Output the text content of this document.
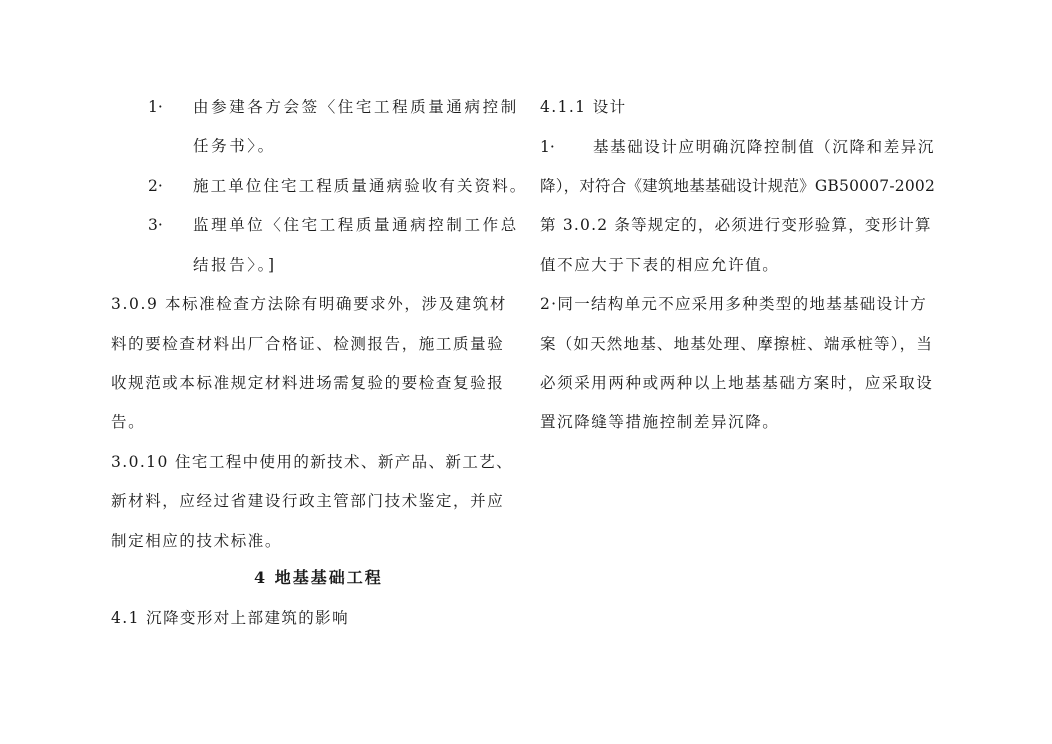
1· 由参建各方会签〈住宅工程质量通病控制
任务书〉。
2· 施工单位住宅工程质量通病验收有关资料。
3· 监理单位〈住宅工程质量通病控制工作总
结报告〉。]
3.0.9 本标准检查方法除有明确要求外，涉及建筑材
料的要检查材料出厂合格证、检测报告，施工质量验
收规范或本标准规定材料进场需复验的要检查复验报
告。
3.0.10 住宅工程中使用的新技术、新产品、新工艺、
新材料，应经过省建设行政主管部门技术鉴定，并应
制定相应的技术标准。
4 地基基础工程
4.1 沉降变形对上部建筑的影响
4.1.1 设计
1· 基基础设计应明确沉降控制值（沉降和差异沉
降），对符合《建筑地基基础设计规范》GB50007-2002
第 3.0.2 条等规定的，必须进行变形验算，变形计算
值不应大于下表的相应允许值。
2·同一结构单元不应采用多种类型的地基基础设计方
案（如天然地基、地基处理、摩擦桩、端承桩等），当
必须采用两种或两种以上地基基础方案时，应采取设
置沉降缝等措施控制差异沉降。
